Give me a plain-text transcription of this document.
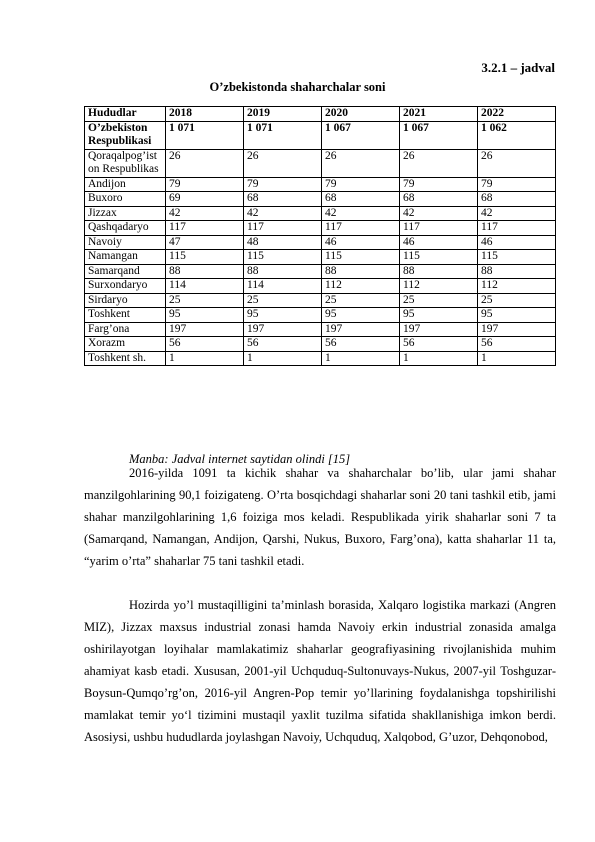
3.2.1 – jadval
O’zbekistonda shaharchalar soni
Hududlar	2018	2019	2020	2021	2022
O’zbekiston Respublikasi	1 071	1 071	1 067	1 067	1 062
Qoraqalpog’iston Respublikas	26	26	26	26	26
Andijon	79	79	79	79	79
Buxoro	69	68	68	68	68
Jizzax	42	42	42	42	42
Qashqadaryo	117	117	117	117	117
Navoiy	47	48	46	46	46
Namangan	115	115	115	115	115
Samarqand	88	88	88	88	88
Surxondaryo	114	114	112	112	112
Sirdaryo	25	25	25	25	25
Toshkent	95	95	95	95	95
Farg’ona	197	197	197	197	197
Xorazm	56	56	56	56	56
Toshkent sh.	1	1	1	1	1
Manba: Jadval internet saytidan olindi [15]

2016-yilda 1091 ta kichik shahar va shaharchalar bo’lib, ular jami shahar manzilgohlarining 90,1 foizigateng. O’rta bosqichdagi shaharlar soni 20 tani tashkil etib, jami shahar manzilgohlarining 1,6 foiziga mos keladi. Respublikada yirik shaharlar soni 7 ta (Samarqand, Namangan, Andijon, Qarshi, Nukus, Buxoro, Farg’ona), katta shaharlar 11 ta, “yarim o’rta” shaharlar 75 tani tashkil etadi.

Hozirda yo’l mustaqilligini ta’minlash borasida, Xalqaro logistika markazi (Angren MIZ), Jizzax maxsus industrial zonasi hamda Navoiy erkin industrial zonasida amalga oshirilayotgan loyihalar mamlakatimiz shaharlar geografiyasining rivojlanishida muhim ahamiyat kasb etadi. Xususan, 2001-yil Uchquduq-Sultonuvays-Nukus, 2007-yil Toshguzar-Boysun-Qumqo’rg’on, 2016-yil Angren-Pop temir yo’llarining foydalanishga topshirilishi mamlakat temir yo‘l tizimini mustaqil yaxlit tuzilma sifatida shakllanishiga imkon berdi. Asosiysi, ushbu hududlarda joylashgan Navoiy, Uchquduq, Xalqobod, G’uzor, Dehqonobod,
